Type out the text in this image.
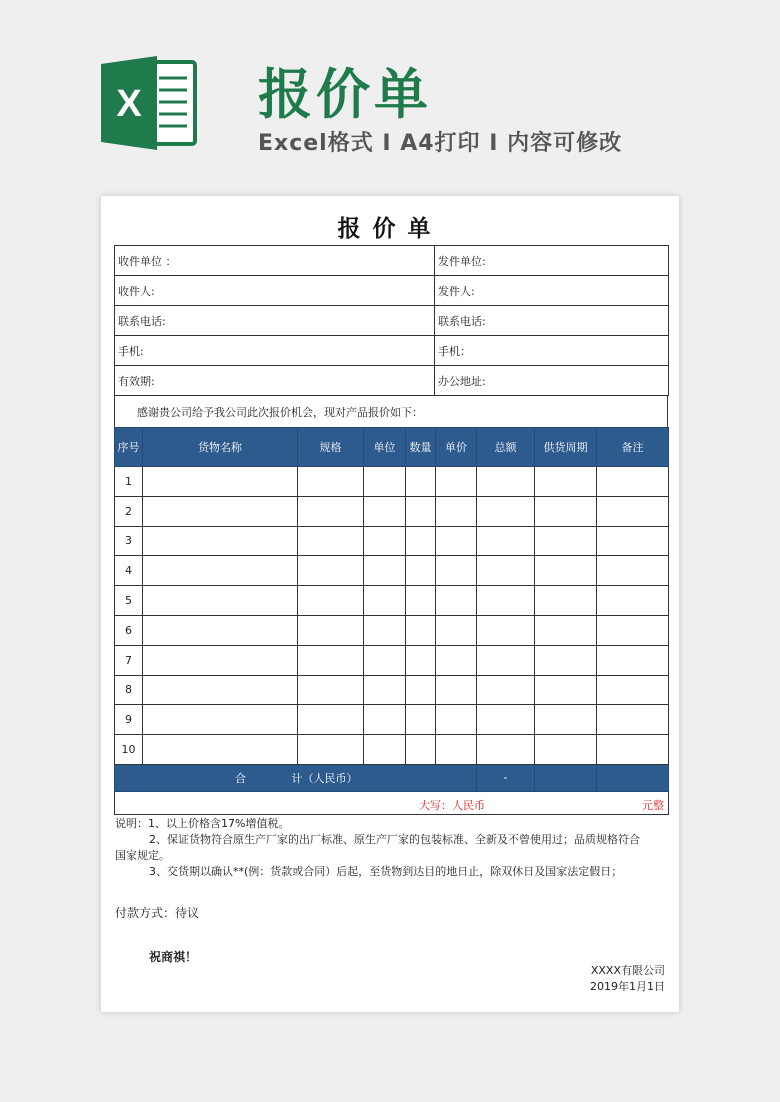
X 报价单
Excel格式 I A4打印 I 内容可修改
报价单
收件单位 ：	发件单位:
收件人:	发件人:
联系电话:	联系电话:
手机:	手机：
有效期:	办公地址:
感谢贵公司给予我公司此次报价机会，现对产品报价如下：
序号	货物名称	规格	单位	数量	单价	总额	供货周期	备注
1								
2								
3								
4								
5								
6								
7								
8								
9								
10								
合 计（人民币）						-		

大写：人民币 元整								

说明：1、以上价格含17%增值税。

2、保证货物符合原生产厂家的出厂标准、原生产厂家的包装标准、全新及不曾使用过；品质规格符合

国家规定。

3、交货期以确认**(例：货款或合同）后起，至货物到达目的地日止，除双休日及国家法定假日；

付款方式：待议
祝商祺！
XXXX有限公司
2019年1月1日
